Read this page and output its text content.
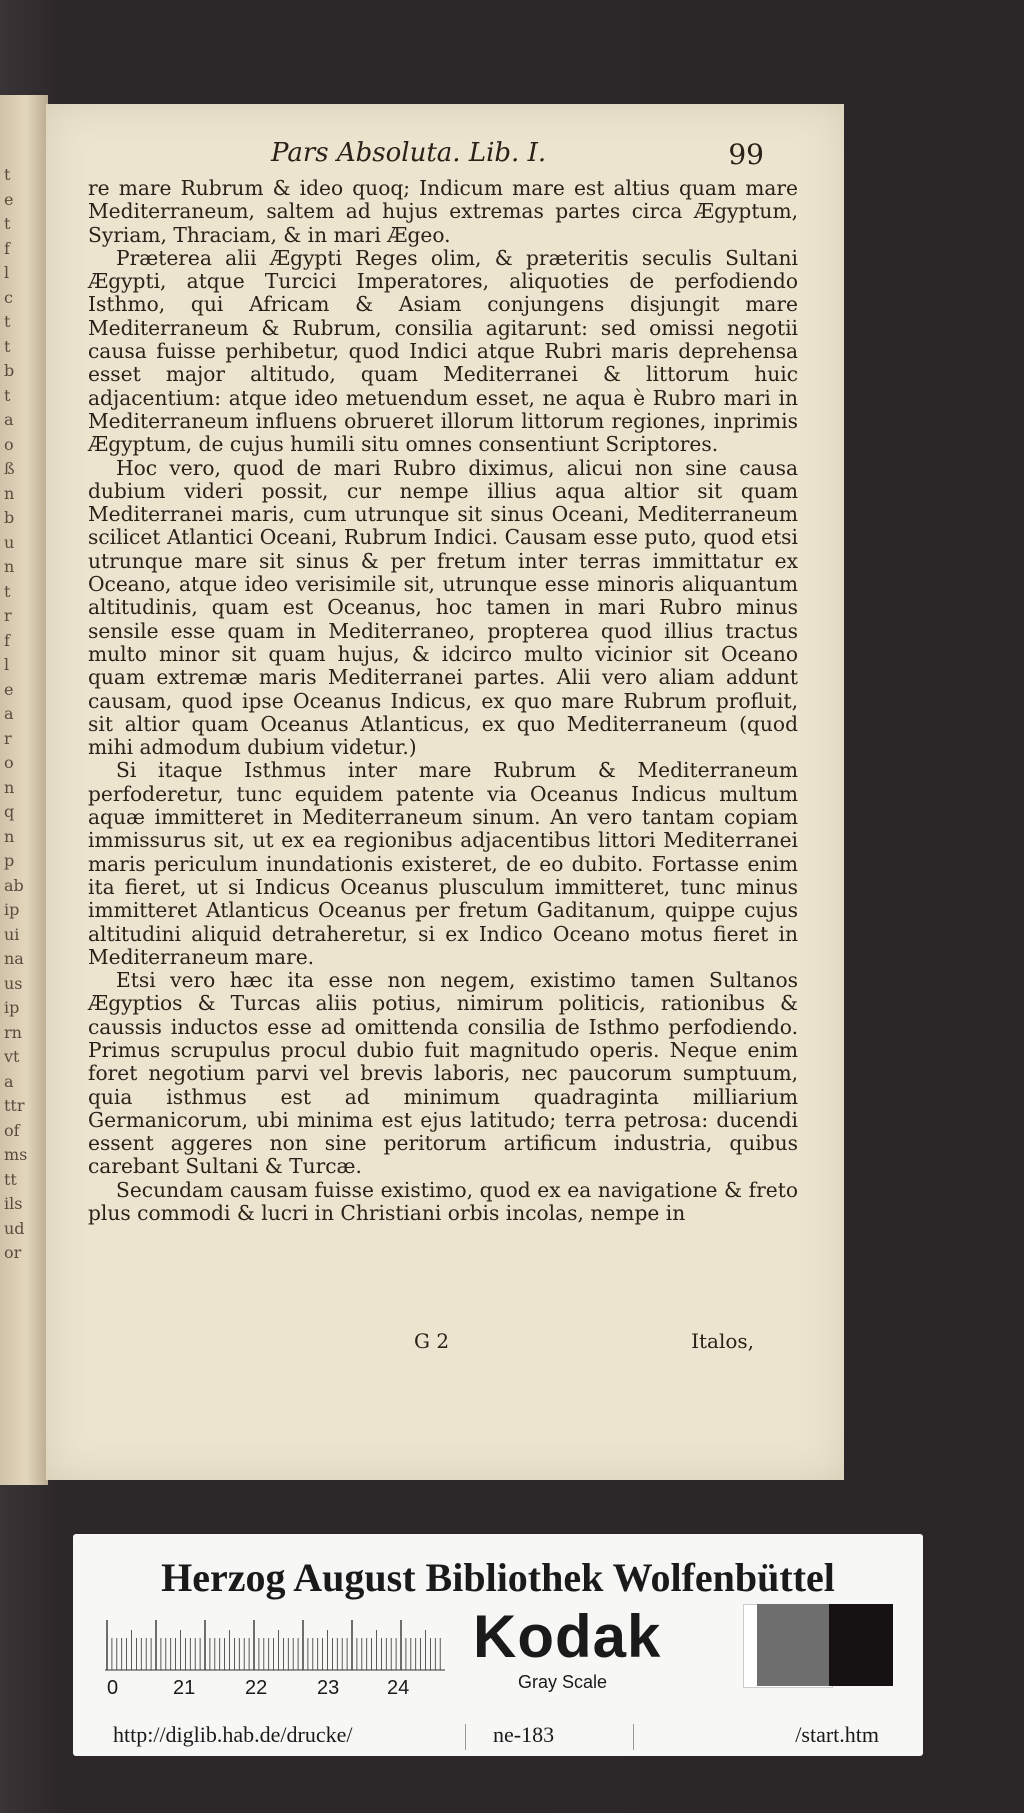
t
e
t
f
l
c
t
t
b
t
a
o
ß
n
b
u
n
t
r
f
l
e
a
r
o
n
q
n
p
ab
ip
ui
na
us
ip
rn
vt
a
ttr
of
ms
tt
ils
ud
or
Pars Absoluta. Lib. I.	99

re mare Rubrum & ideo quoq; Indicum mare est altius quam mare Mediterraneum, saltem ad hujus extremas partes circa Ægyptum, Syriam, Thraciam, & in mari Ægeo.

Præterea alii Ægypti Reges olim, & præteritis seculis Sultani Ægypti, atque Turcici Imperatores, aliquoties de perfodiendo Isthmo, qui Africam & Asiam conjungens disjungit mare Mediterraneum & Rubrum, consilia agitarunt: sed omissi negotii causa fuisse perhibetur, quod Indici atque Rubri maris deprehensa esset major altitudo, quam Mediterranei & littorum huic adjacentium: atque ideo metuendum esset, ne aqua è Rubro mari in Mediterraneum influens obrueret illorum littorum regiones, inprimis Ægyptum, de cujus humili situ omnes consentiunt Scriptores.

Hoc vero, quod de mari Rubro diximus, alicui non sine causa dubium videri possit, cur nempe illius aqua altior sit quam Mediterranei maris, cum utrunque sit sinus Oceani, Mediterraneum scilicet Atlantici Oceani, Rubrum Indici. Causam esse puto, quod etsi utrunque mare sit sinus & per fretum inter terras immittatur ex Oceano, atque ideo verisimile sit, utrunque esse minoris aliquantum altitudinis, quam est Oceanus, hoc tamen in mari Rubro minus sensile esse quam in Mediterraneo, propterea quod illius tractus multo minor sit quam hujus, & idcirco multo vicinior sit Oceano quam extremæ maris Mediterranei partes. Alii vero aliam addunt causam, quod ipse Oceanus Indicus, ex quo mare Rubrum profluit, sit altior quam Oceanus Atlanticus, ex quo Mediterraneum (quod mihi admodum dubium videtur.)

Si itaque Isthmus inter mare Rubrum & Mediterraneum perfoderetur, tunc equidem patente via Oceanus Indicus multum aquæ immitteret in Mediterraneum sinum. An vero tantam copiam immissurus sit, ut ex ea regionibus adjacentibus littori Mediterranei maris periculum inundationis existeret, de eo dubito. Fortasse enim ita fieret, ut si Indicus Oceanus plusculum immitteret, tunc minus immitteret Atlanticus Oceanus per fretum Gaditanum, quippe cujus altitudini aliquid detraheretur, si ex Indico Oceano motus fieret in Mediterraneum mare.

Etsi vero hæc ita esse non negem, existimo tamen Sultanos Ægyptios & Turcas aliis potius, nimirum politicis, rationibus & caussis inductos esse ad omittenda consilia de Isthmo perfodiendo. Primus scrupulus procul dubio fuit magnitudo operis. Neque enim foret negotium parvi vel brevis laboris, nec paucorum sumptuum, quia isthmus est ad minimum quadraginta milliarium Germanicorum, ubi minima est ejus latitudo; terra petrosa: ducendi essent aggeres non sine peritorum artificum industria, quibus carebant Sultani & Turcæ.

Secundam causam fuisse existimo, quod ex ea navigatione & freto plus commodi & lucri in Christiani orbis incolas, nempe in

G 2	Italos,
Herzog August Bibliothek Wolfenbüttel
0	21 22 23 24
Kodak
Gray Scale
http://diglib.hab.de/drucke/	ne-183	/start.htm
